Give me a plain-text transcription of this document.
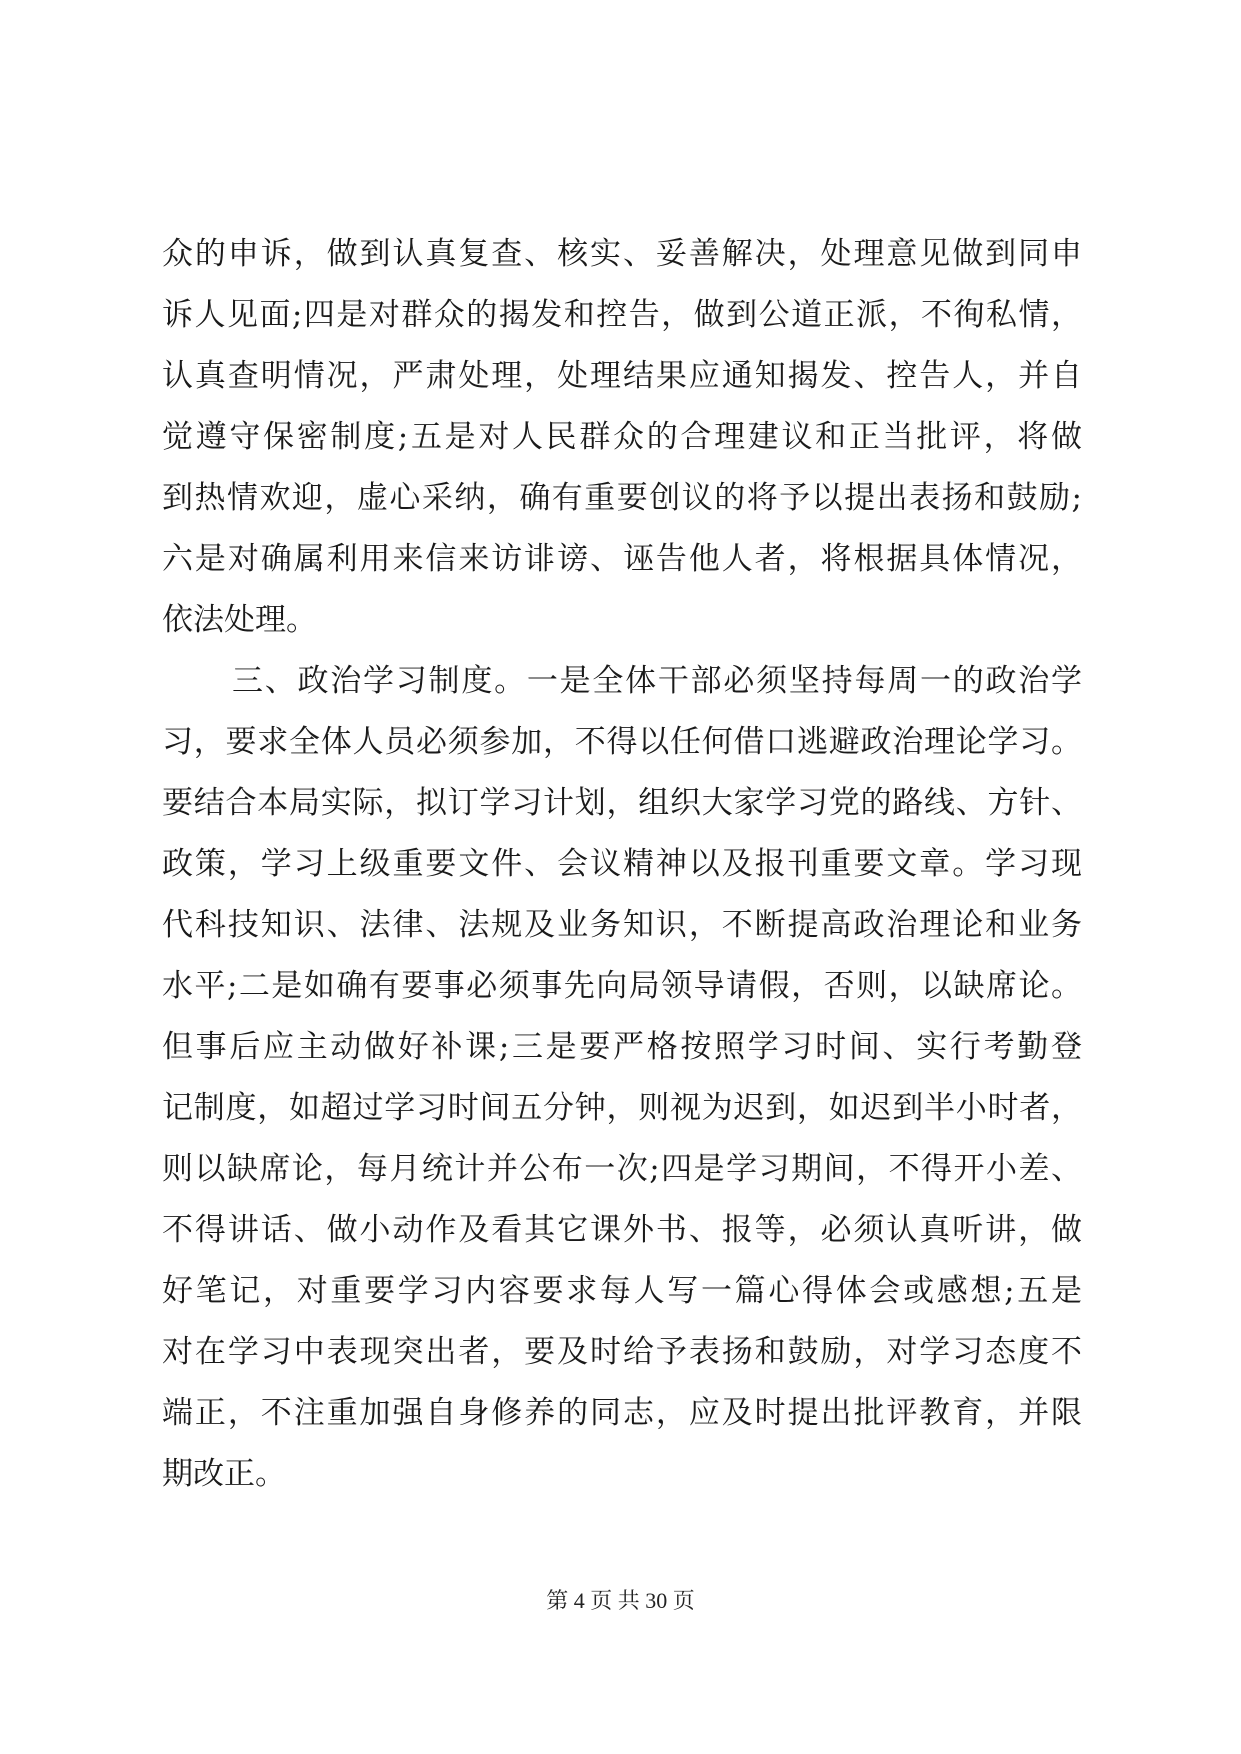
众的申诉，做到认真复查、核实、妥善解决，处理意见做到同申
诉人见面;四是对群众的揭发和控告，做到公道正派，不徇私情，
认真查明情况，严肃处理，处理结果应通知揭发、控告人，并自
觉遵守保密制度;五是对人民群众的合理建议和正当批评，将做
到热情欢迎，虚心采纳，确有重要创议的将予以提出表扬和鼓励;
六是对确属利用来信来访诽谤、诬告他人者，将根据具体情况，
依法处理。
三、政治学习制度。一是全体干部必须坚持每周一的政治学
习，要求全体人员必须参加，不得以任何借口逃避政治理论学习。
要结合本局实际，拟订学习计划，组织大家学习党的路线、方针、
政策，学习上级重要文件、会议精神以及报刊重要文章。学习现
代科技知识、法律、法规及业务知识，不断提高政治理论和业务
水平;二是如确有要事必须事先向局领导请假，否则，以缺席论。
但事后应主动做好补课;三是要严格按照学习时间、实行考勤登
记制度，如超过学习时间五分钟，则视为迟到，如迟到半小时者，
则以缺席论，每月统计并公布一次;四是学习期间，不得开小差、
不得讲话、做小动作及看其它课外书、报等，必须认真听讲，做
好笔记，对重要学习内容要求每人写一篇心得体会或感想;五是
对在学习中表现突出者，要及时给予表扬和鼓励，对学习态度不
端正，不注重加强自身修养的同志，应及时提出批评教育，并限
期改正。
第 4 页 共 30 页
